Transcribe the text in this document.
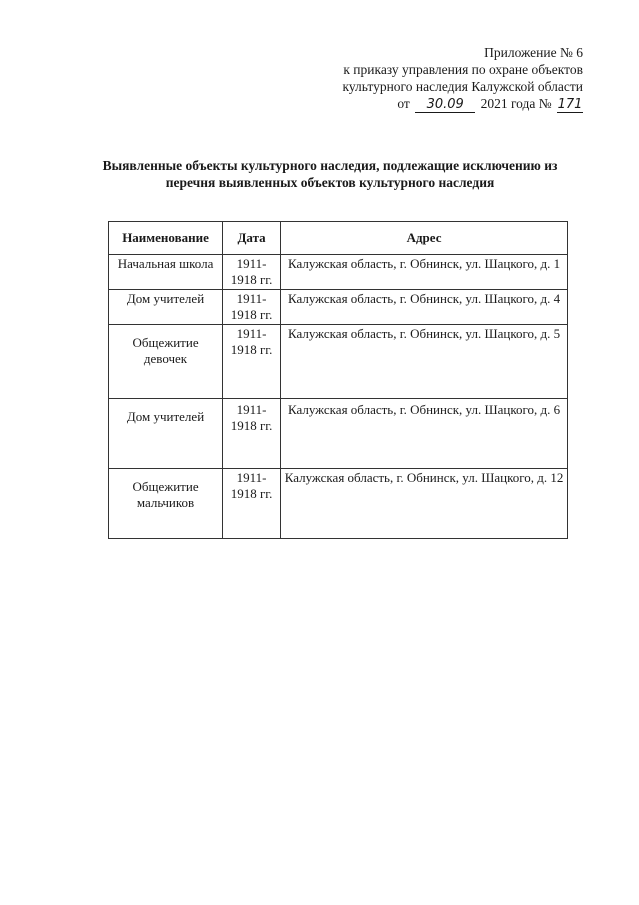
Приложение № 6
к приказу управления по охране объектов
культурного наследия Калужской области
от 30.09 2021 года № 171
Выявленные объекты культурного наследия, подлежащие исключению из
перечня выявленных объектов культурного наследия
Наименование	Дата	Адрес
Начальная школа	1911-1918 гг.	Калужская область, г. Обнинск, ул. Шацкого, д. 1
Дом учителей	1911-1918 гг.	Калужская область, г. Обнинск, ул. Шацкого, д. 4
Общежитие девочек	1911-1918 гг.	Калужская область, г. Обнинск, ул. Шацкого, д. 5
Дом учителей	1911-1918 гг.	Калужская область, г. Обнинск, ул. Шацкого, д. 6
Общежитие мальчиков	1911-1918 гг.	Калужская область, г. Обнинск, ул. Шацкого, д. 12
